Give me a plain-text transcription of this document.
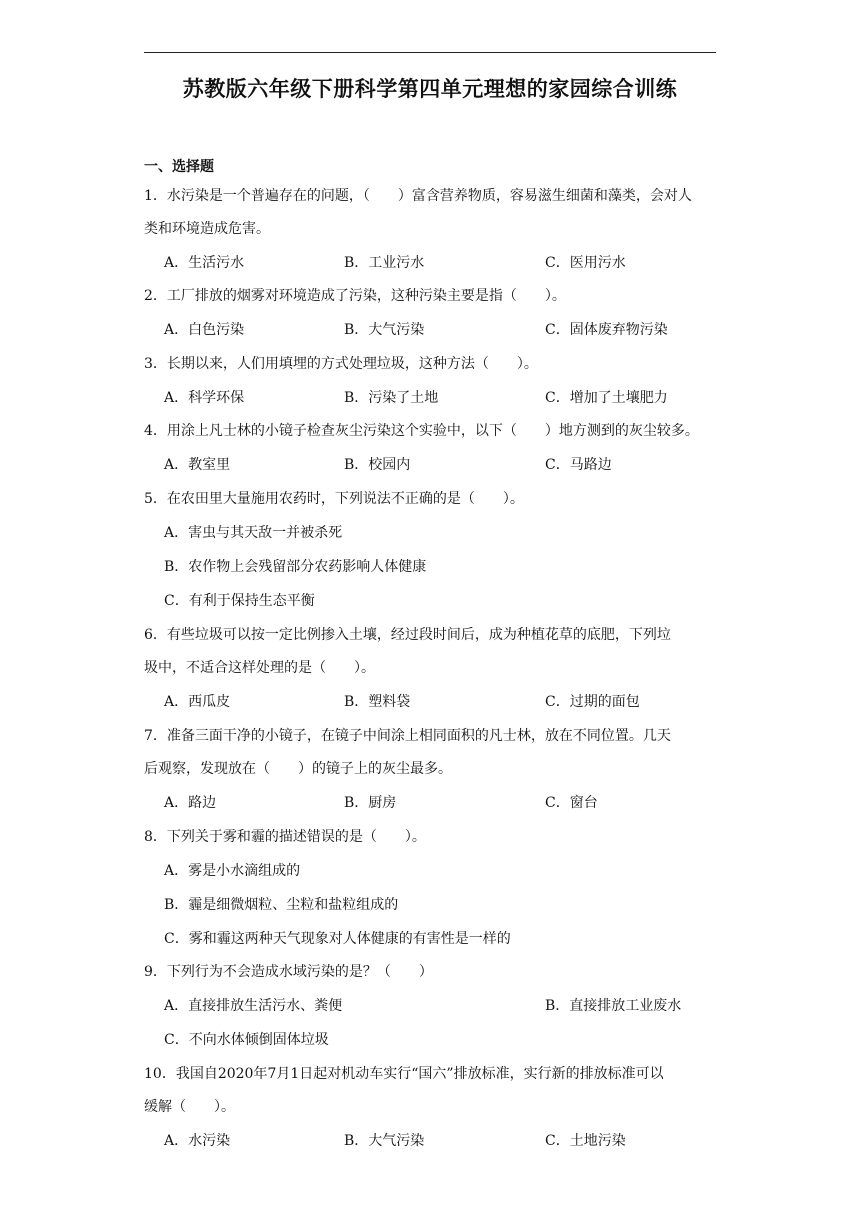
苏教版六年级下册科学第四单元理想的家园综合训练
一、选择题
1．水污染是一个普遍存在的问题，（　　）富含营养物质，容易滋生细菌和藻类，会对人
类和环境造成危害。
A．生活污水	B．工业污水	C．医用污水
2．工厂排放的烟雾对环境造成了污染，这种污染主要是指（　　）。
A．白色污染	B．大气污染	C．固体废弃物污染
3．长期以来，人们用填埋的方式处理垃圾，这种方法（　　）。
A．科学环保	B．污染了土地	C．增加了土壤肥力
4．用涂上凡士林的小镜子检查灰尘污染这个实验中，以下（　　）地方测到的灰尘较多。
A．教室里	B．校园内	C．马路边
5．在农田里大量施用农药时，下列说法不正确的是（　　）。
A．害虫与其天敌一并被杀死
B．农作物上会残留部分农药影响人体健康
C．有利于保持生态平衡
6．有些垃圾可以按一定比例掺入土壤，经过段时间后，成为种植花草的底肥，下列垃
圾中，不适合这样处理的是（　　）。
A．西瓜皮	B．塑料袋	C．过期的面包
7．准备三面干净的小镜子，在镜子中间涂上相同面积的凡士林，放在不同位置。几天
后观察，发现放在（　　）的镜子上的灰尘最多。
A．路边	B．厨房	C．窗台
8．下列关于雾和霾的描述错误的是（　　）。
A．雾是小水滴组成的
B．霾是细微烟粒、尘粒和盐粒组成的
C．雾和霾这两种天气现象对人体健康的有害性是一样的
9．下列行为不会造成水域污染的是？（　　）
A．直接排放生活污水、粪便	B．直接排放工业废水
C．不向水体倾倒固体垃圾
10．我国自2020年7月1日起对机动车实行“国六”排放标准，实行新的排放标准可以
缓解（　　）。
A．水污染	B．大气污染	C．土地污染
